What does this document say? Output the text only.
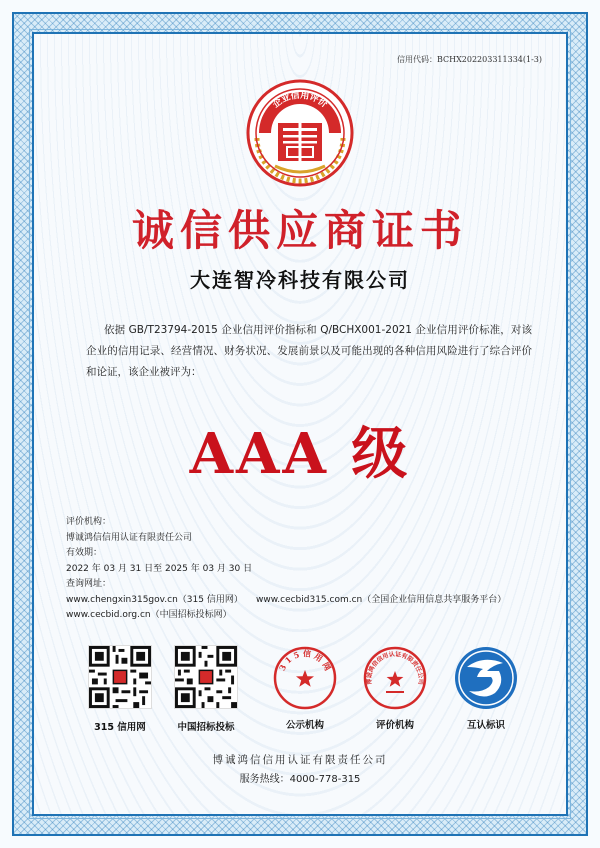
信用代码：BCHX202203311334(1-3)
企业信用评价
诚信供应商证书
大连智冷科技有限公司

依据 GB/T23794-2015 企业信用评价指标和 Q/BCHX001-2021 企业信用评价标准，对该企业的信用记录、经营情况、财务状况、发展前景以及可能出现的各种信用风险进行了综合评价和论证，该企业被评为：

AAA 级
评价机构：
博诚鸿信信用认证有限责任公司
有效期：
2022 年 03 月 31 日至 2025 年 03 月 30 日
查询网址：
www.chengxin315gov.cn（315 信用网） www.cecbid315.com.cn（全国企业信用信息共享服务平台）
www.cecbid.org.cn（中国招标投标网）
315 信用网	中国招标投标
3 1 5 信 用 网
公示机构
博诚鸿信信用认证有限责任公司
评价机构	互认标识
博诚鸿信信用认证有限责任公司
服务热线：4000-778-315
